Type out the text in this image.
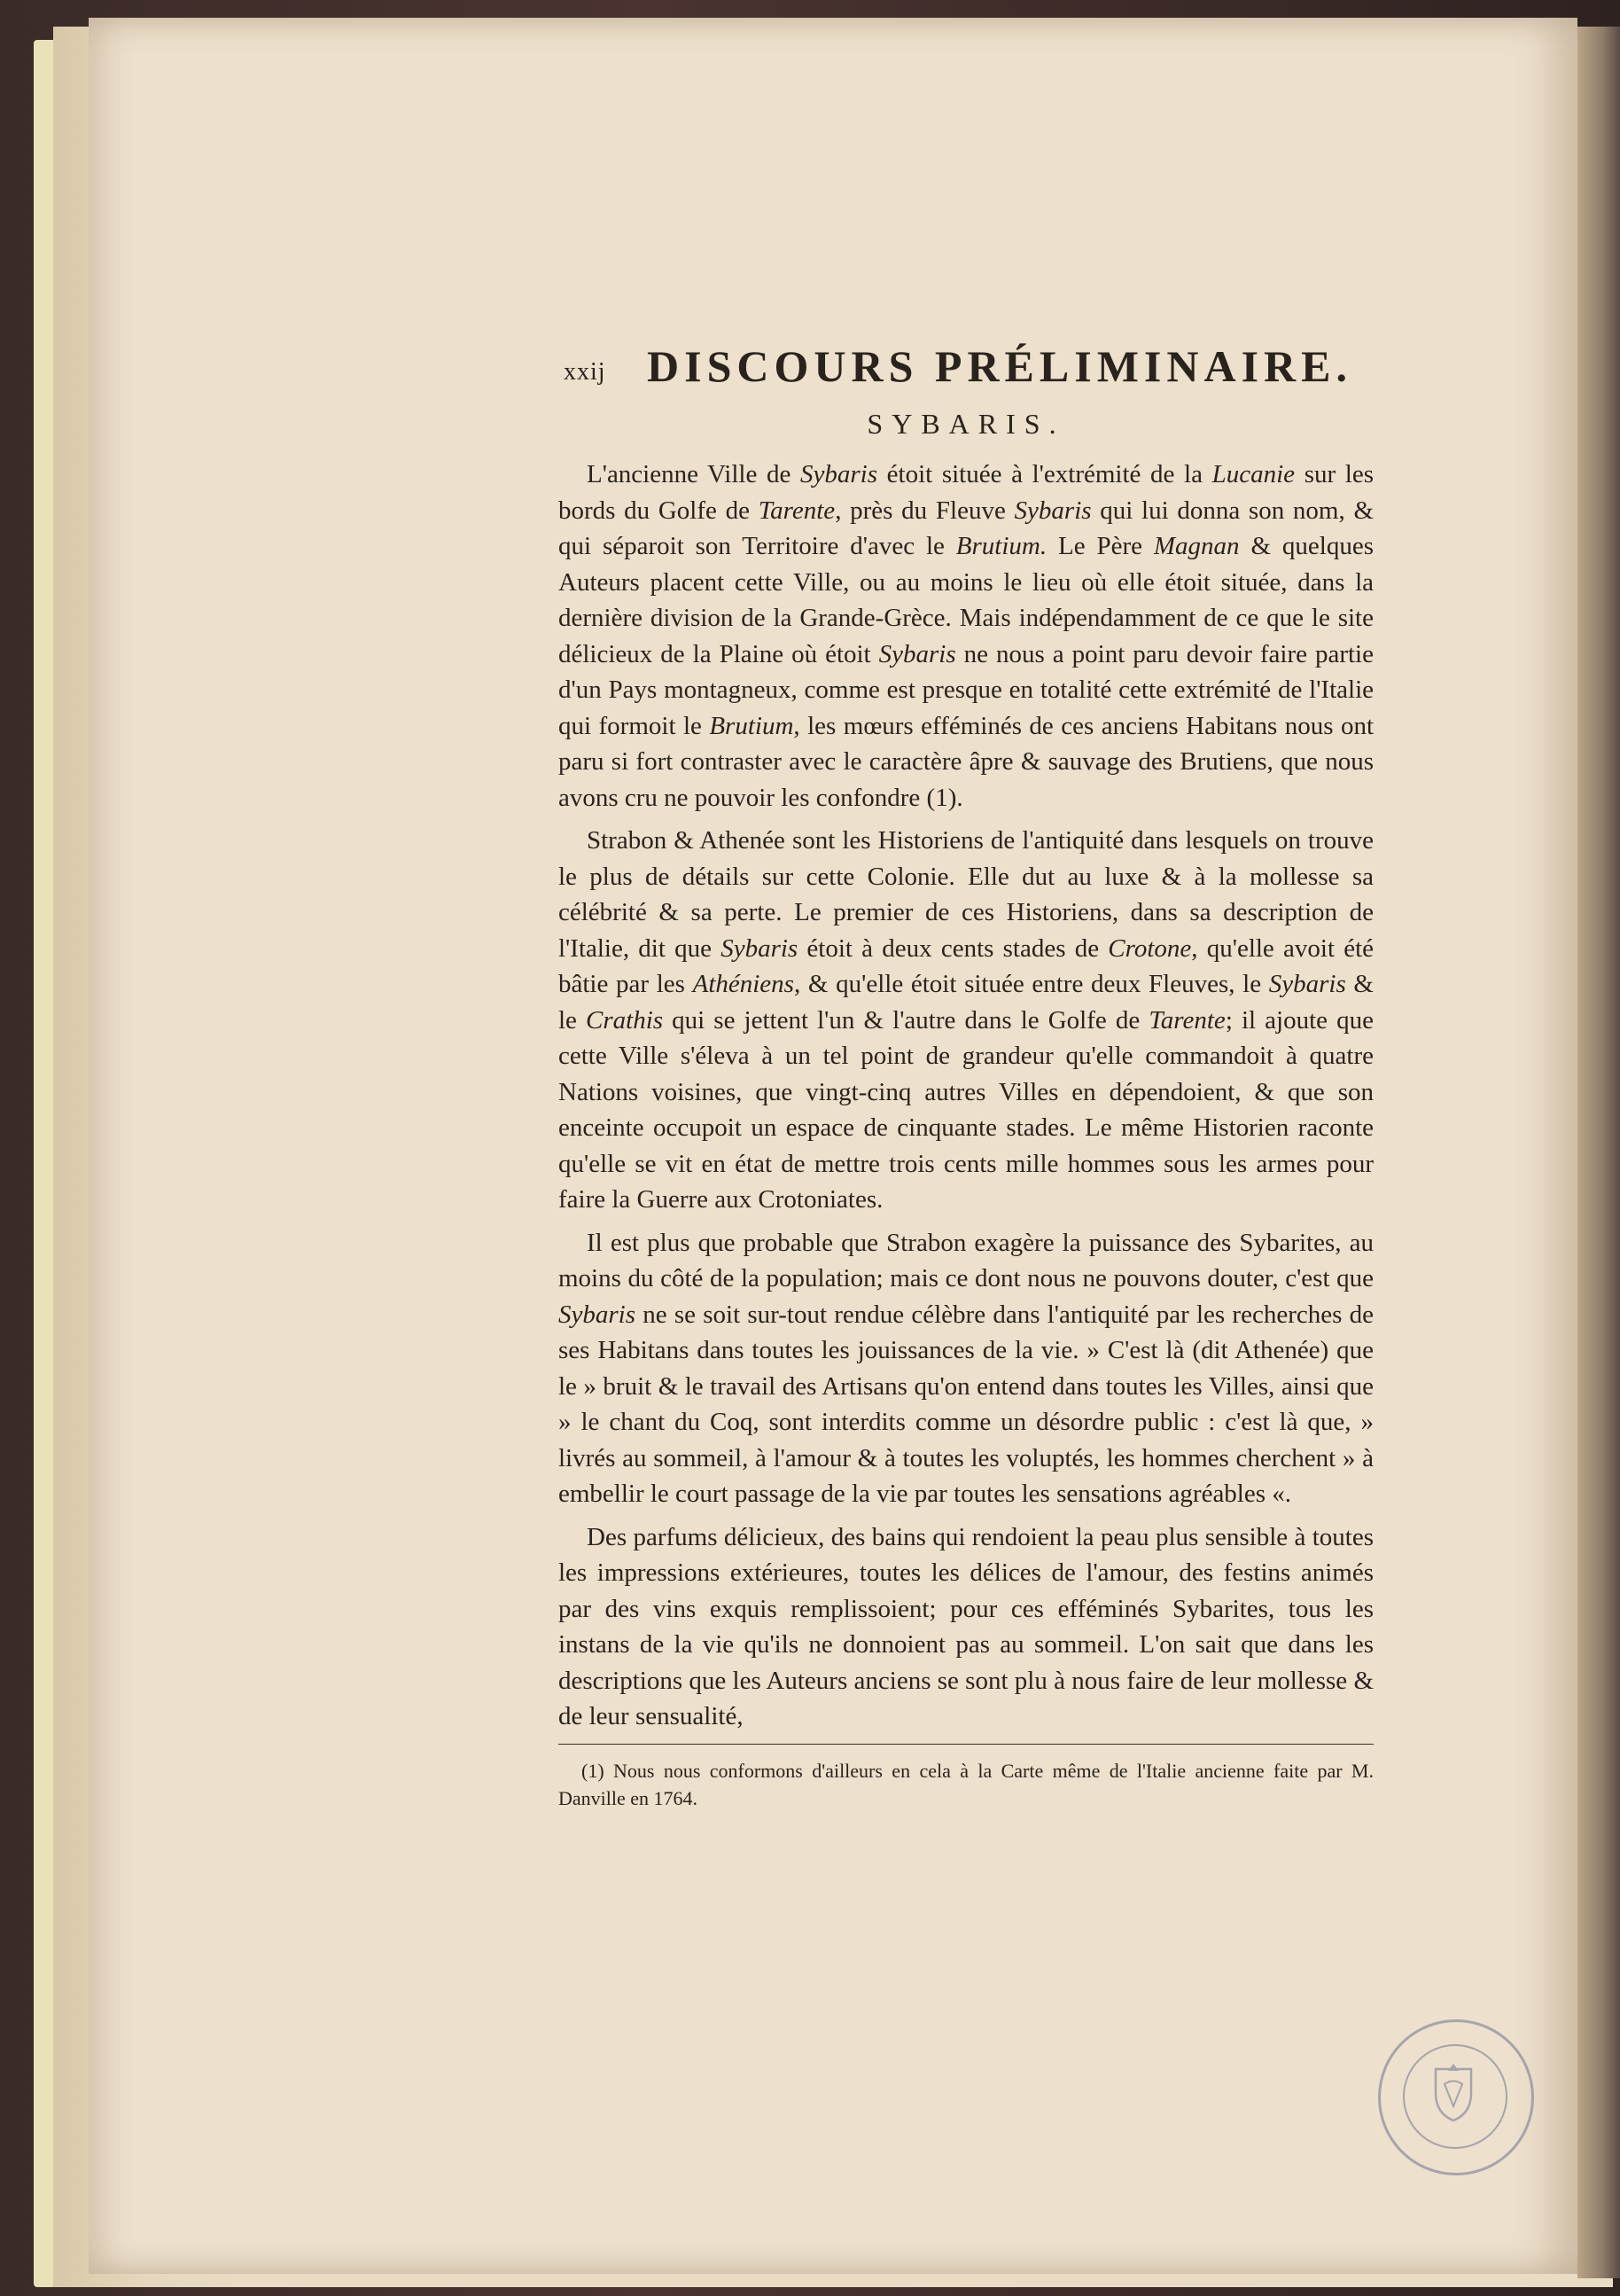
xxij DISCOURS PRÉLIMINAIRE.
SYBARIS.

L'ancienne Ville de Sybaris étoit située à l'extrémité de la Lucanie sur les bords du Golfe de Tarente, près du Fleuve Sybaris qui lui donna son nom, & qui séparoit son Territoire d'avec le Brutium. Le Père Magnan & quelques Auteurs placent cette Ville, ou au moins le lieu où elle étoit située, dans la dernière division de la Grande-Grèce. Mais indépendamment de ce que le site délicieux de la Plaine où étoit Sybaris ne nous a point paru devoir faire partie d'un Pays montagneux, comme est presque en totalité cette extrémité de l'Italie qui formoit le Brutium, les mœurs efféminés de ces anciens Habitans nous ont paru si fort contraster avec le caractère âpre & sauvage des Brutiens, que nous avons cru ne pouvoir les confondre (1).

Strabon & Athenée sont les Historiens de l'antiquité dans lesquels on trouve le plus de détails sur cette Colonie. Elle dut au luxe & à la mollesse sa célébrité & sa perte. Le premier de ces Historiens, dans sa description de l'Italie, dit que Sybaris étoit à deux cents stades de Crotone, qu'elle avoit été bâtie par les Athéniens, & qu'elle étoit située entre deux Fleuves, le Sybaris & le Crathis qui se jettent l'un & l'autre dans le Golfe de Tarente; il ajoute que cette Ville s'éleva à un tel point de grandeur qu'elle commandoit à quatre Nations voisines, que vingt-cinq autres Villes en dépendoient, & que son enceinte occupoit un espace de cinquante stades. Le même Historien raconte qu'elle se vit en état de mettre trois cents mille hommes sous les armes pour faire la Guerre aux Crotoniates.

Il est plus que probable que Strabon exagère la puissance des Sybarites, au moins du côté de la population; mais ce dont nous ne pouvons douter, c'est que Sybaris ne se soit sur-tout rendue célèbre dans l'antiquité par les recherches de ses Habitans dans toutes les jouissances de la vie. » C'est là (dit Athenée) que le » bruit & le travail des Artisans qu'on entend dans toutes les Villes, ainsi que » le chant du Coq, sont interdits comme un désordre public : c'est là que, » livrés au sommeil, à l'amour & à toutes les voluptés, les hommes cherchent » à embellir le court passage de la vie par toutes les sensations agréables «.

Des parfums délicieux, des bains qui rendoient la peau plus sensible à toutes les impressions extérieures, toutes les délices de l'amour, des festins animés par des vins exquis remplissoient; pour ces efféminés Sybarites, tous les instans de la vie qu'ils ne donnoient pas au sommeil. L'on sait que dans les descriptions que les Auteurs anciens se sont plu à nous faire de leur mollesse & de leur sensualité,

(1) Nous nous conformons d'ailleurs en cela à la Carte même de l'Italie ancienne faite par M. Danville en 1764.
